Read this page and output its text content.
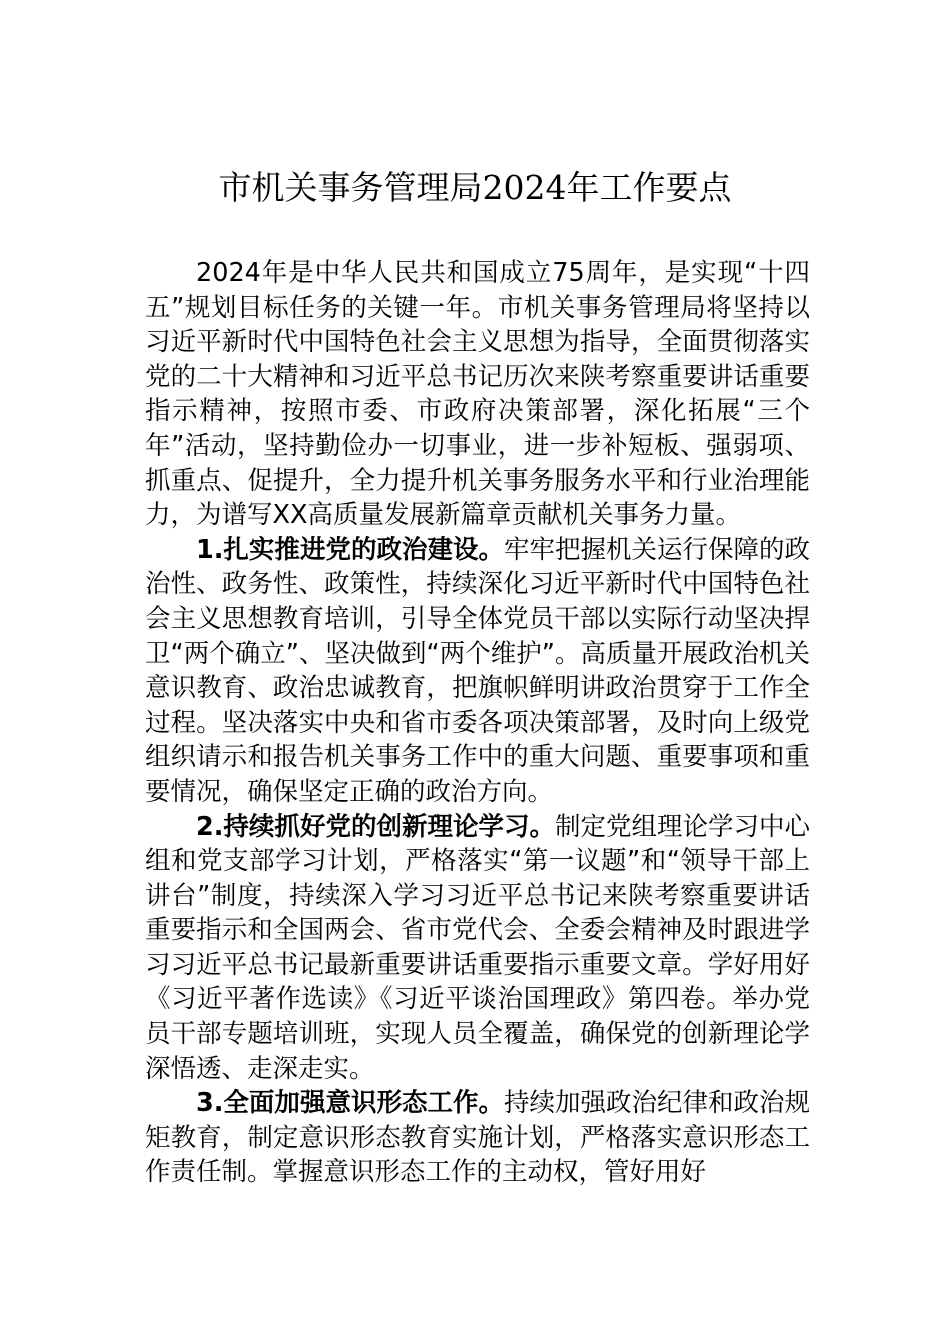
市机关事务管理局2024年工作要点

2024年是中华人民共和国成立75周年，是实现“十四五”规划目标任务的关键一年。市机关事务管理局将坚持以习近平新时代中国特色社会主义思想为指导，全面贯彻落实党的二十大精神和习近平总书记历次来陕考察重要讲话重要指示精神，按照市委、市政府决策部署，深化拓展“三个年”活动，坚持勤俭办一切事业，进一步补短板、强弱项、抓重点、促提升，全力提升机关事务服务水平和行业治理能力，为谱写XX高质量发展新篇章贡献机关事务力量。

1.扎实推进党的政治建设。牢牢把握机关运行保障的政治性、政务性、政策性，持续深化习近平新时代中国特色社会主义思想教育培训，引导全体党员干部以实际行动坚决捍卫“两个确立”、坚决做到“两个维护”。高质量开展政治机关意识教育、政治忠诚教育，把旗帜鲜明讲政治贯穿于工作全过程。坚决落实中央和省市委各项决策部署，及时向上级党组织请示和报告机关事务工作中的重大问题、重要事项和重要情况，确保坚定正确的政治方向。

2.持续抓好党的创新理论学习。制定党组理论学习中心组和党支部学习计划，严格落实“第一议题”和“领导干部上讲台”制度，持续深入学习习近平总书记来陕考察重要讲话重要指示和全国两会、省市党代会、全委会精神及时跟进学习习近平总书记最新重要讲话重要指示重要文章。学好用好《习近平著作选读》《习近平谈治国理政》第四卷。举办党员干部专题培训班，实现人员全覆盖，确保党的创新理论学深悟透、走深走实。

3.全面加强意识形态工作。持续加强政治纪律和政治规矩教育，制定意识形态教育实施计划，严格落实意识形态工作责任制。掌握意识形态工作的主动权，管好用好
